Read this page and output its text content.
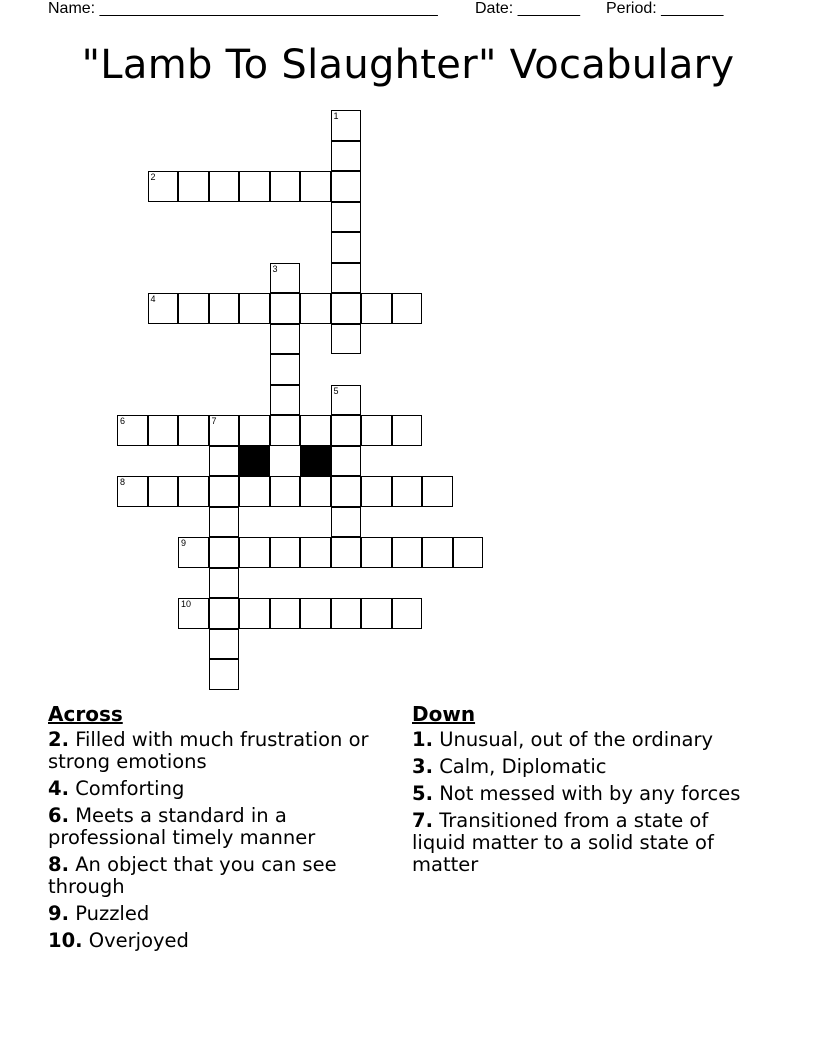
Name: ______________________________________ Date: _______ Period: _______
"Lamb To Slaughter" Vocabulary
1
2
3
4
5
6	7
8
9
10
Across
2. Filled with much frustration or strong emotions
4. Comforting
6. Meets a standard in a professional timely manner
8. An object that you can see through
9. Puzzled
10. Overjoyed
Down
1. Unusual, out of the ordinary
3. Calm, Diplomatic
5. Not messed with by any forces
7. Transitioned from a state of liquid matter to a solid state of matter
